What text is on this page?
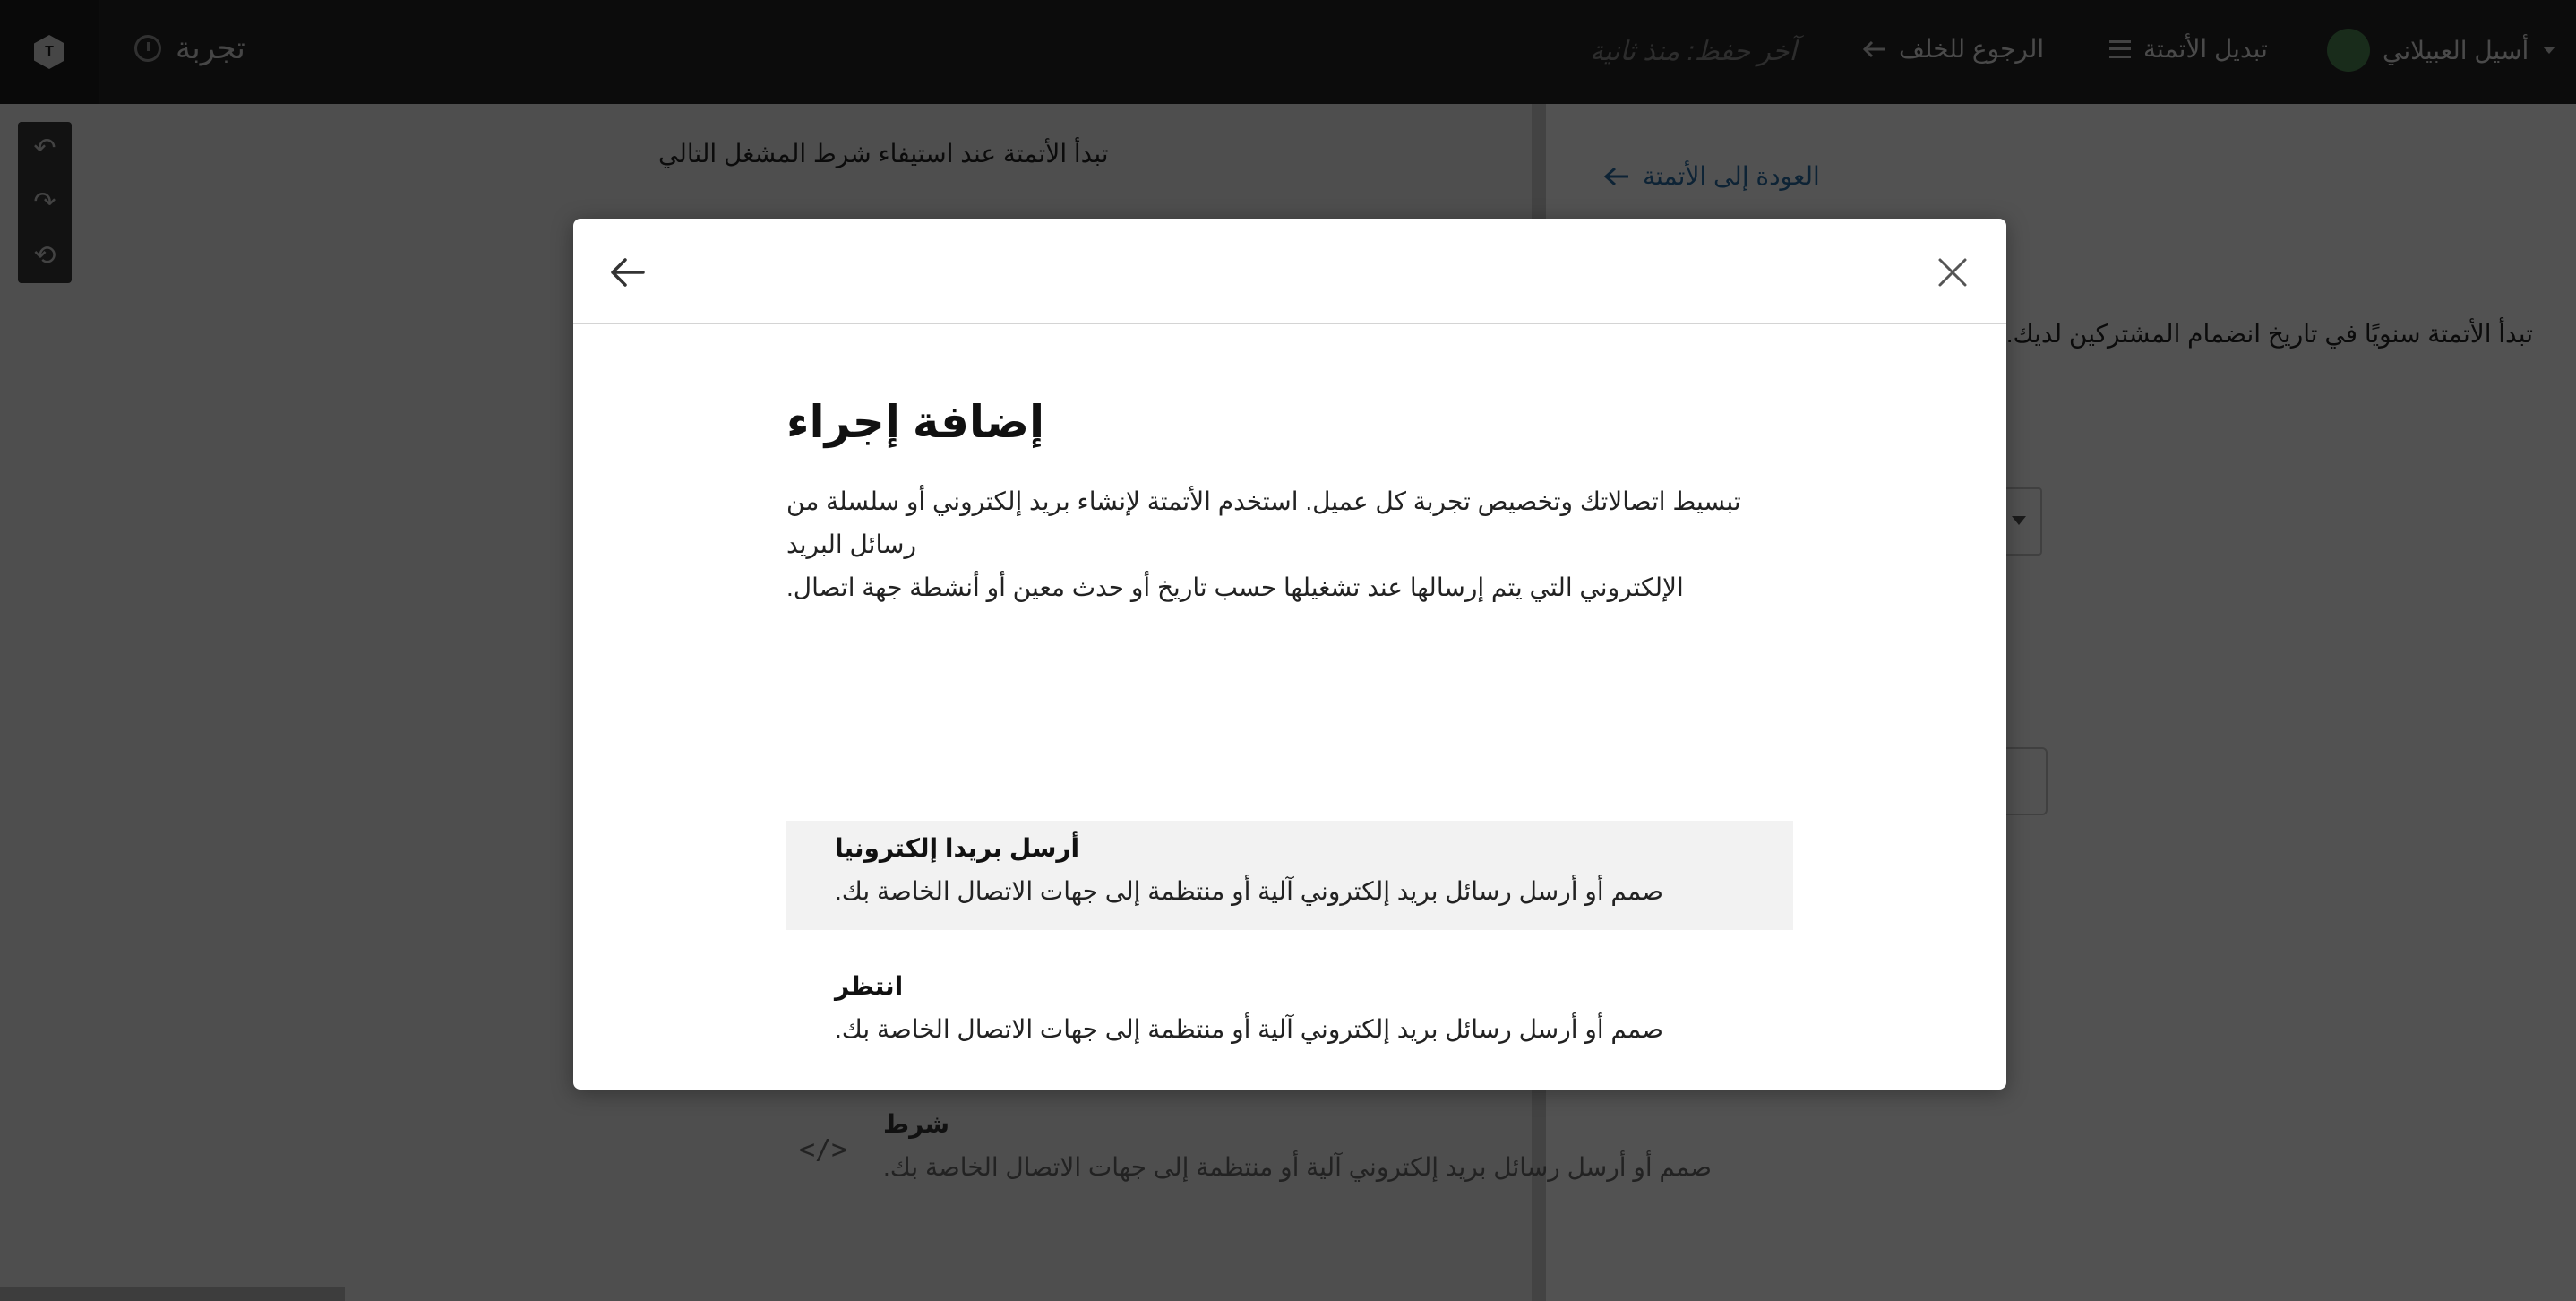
إضافة إجراء
تبسيط اتصالاتك وتخصيص تجربة كل عميل. استخدم الأتمتة لإنشاء بريد إلكتروني أو سلسلة من رسائل البريد
الإلكتروني التي يتم إرسالها عند تشغيلها حسب تاريخ أو حدث معين أو أنشطة جهة اتصال.
أرسل بريدا إلكترونيا
صمم أو أرسل رسائل بريد إلكتروني آلية أو منتظمة إلى جهات الاتصال الخاصة بك.
انتظر
صمم أو أرسل رسائل بريد إلكتروني آلية أو منتظمة إلى جهات الاتصال الخاصة بك.
</>
شرط
صمم أو أرسل رسائل بريد إلكتروني آلية أو منتظمة إلى جهات الاتصال الخاصة بك.
